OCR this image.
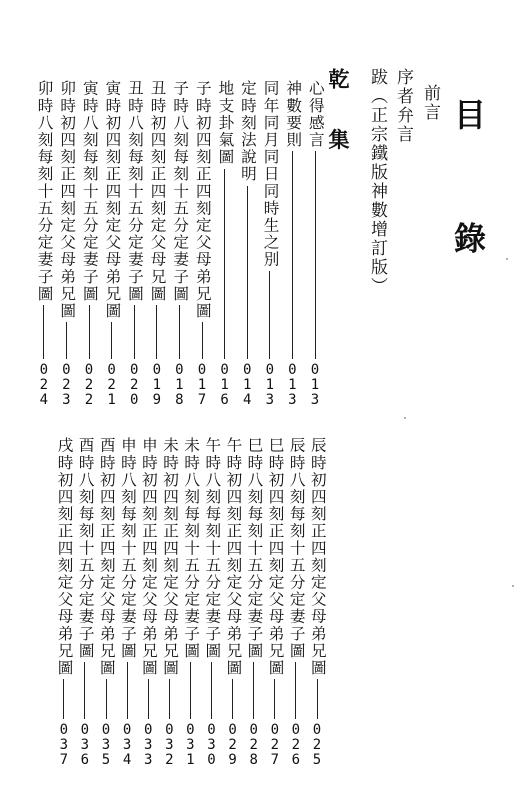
目 錄
前言
序者弁言
跋（正宗鐵版神數增訂版）
乾 集
心得感言
0
1
3
神數要則
0
1
3
同年同月同日同時生之別
0
1
3
定時刻法說明
0
1
4
地支卦氣圖
0
1
6
子時初四刻正四刻定父母弟兄圖
0
1
7
子時八刻每刻十五分定妻子圖
0
1
8
丑時初四刻正四刻定父母兄圖
0
1
9
丑時八刻每刻十五分定妻子圖
0
2
0
寅時初四刻正四刻定父母弟兄圖
0
2
1
寅時八刻每刻十五分定妻子圖
0
2
2
卯時初四刻正四刻定父母弟兄圖
0
2
3
卯時八刻每刻十五分定妻子圖
0
2
4
辰時初四刻正四刻定父母弟兄圖
0
2
5
辰時八刻每刻十五分定妻子圖
0
2
6
巳時初四刻正四刻定父母弟兄圖
0
2
7
巳時八刻每刻十五分定妻子圖
0
2
8
午時初四刻正四刻定父母弟兄圖
0
2
9
午時八刻每刻十五分定妻子圖
0
3
0
未時八刻每刻十五分定妻子圖
0
3
1
未時初四刻正四刻定父母弟兄圖
0
3
2
申時初四刻正四刻定父母弟兄圖
0
3
3
申時八刻每刻十五分定妻子圖
0
3
4
酉時初四刻正四刻定父母弟兄圖
0
3
5
酉時八刻每刻十五分定妻子圖
0
3
6
戌時初四刻正四刻定父母弟兄圖
0
3
7
